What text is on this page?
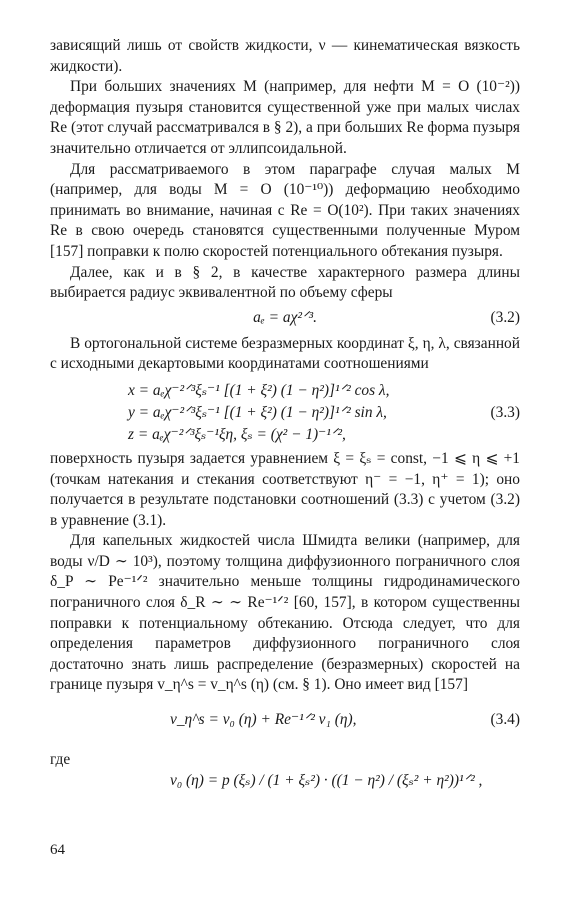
зависящий лишь от свойств жидкости, ν — кинематическая вязкость жидкости).

При больших значениях M (например, для нефти M = O (10⁻²)) деформация пузыря становится существенной уже при малых числах Re (этот случай рассматривался в § 2), а при больших Re форма пузыря значительно отличается от эллипсоидальной.

Для рассматриваемого в этом параграфе случая малых M (например, для воды M = O (10⁻¹⁰)) деформацию необходимо принимать во внимание, начиная с Re = O(10²). При таких значениях Re в свою очередь становятся существенными полученные Муром [157] поправки к полю скоростей потенциального обтекания пузыря.

Далее, как и в § 2, в качестве характерного размера длины выбирается радиус эквивалентной по объему сферы

aₑ = aχ²ᐟ³.	(3.2)

В ортогональной системе безразмерных координат ξ, η, λ, связанной с исходными декартовыми координатами соотношениями

x = aₑχ⁻²ᐟ³ξₛ⁻¹ [(1 + ξ²) (1 − η²)]¹ᐟ² cos λ,
y = aₑχ⁻²ᐟ³ξₛ⁻¹ [(1 + ξ²) (1 − η²)]¹ᐟ² sin λ,
z = aₑχ⁻²ᐟ³ξₛ⁻¹ξη, ξₛ = (χ² − 1)⁻¹ᐟ²,
(3.3)

поверхность пузыря задается уравнением ξ = ξₛ = const, −1 ⩽ η ⩽ +1 (точкам натекания и стекания соответствуют η⁻ = −1, η⁺ = 1); оно получается в результате подстановки соотношений (3.3) с учетом (3.2) в уравнение (3.1).

Для капельных жидкостей числа Шмидта велики (например, для воды ν/D ∼ 10³), поэтому толщина диффузионного пограничного слоя δ_P ∼ Pe⁻¹ᐟ² значительно меньше толщины гидродинамического пограничного слоя δ_R ∼ ∼ Re⁻¹ᐟ² [60, 157], в котором существенны поправки к потенциальному обтеканию. Отсюда следует, что для определения параметров диффузионного пограничного слоя достаточно знать лишь распределение (безразмерных) скоростей на границе пузыря v_η^s = v_η^s (η) (см. § 1). Оно имеет вид [157]

v_η^s = v₀ (η) + Re⁻¹ᐟ² v₁ (η),	(3.4)

где

v₀ (η) = p (ξₛ) / (1 + ξₛ²) · ((1 − η²) / (ξₛ² + η²))¹ᐟ² ,
64
